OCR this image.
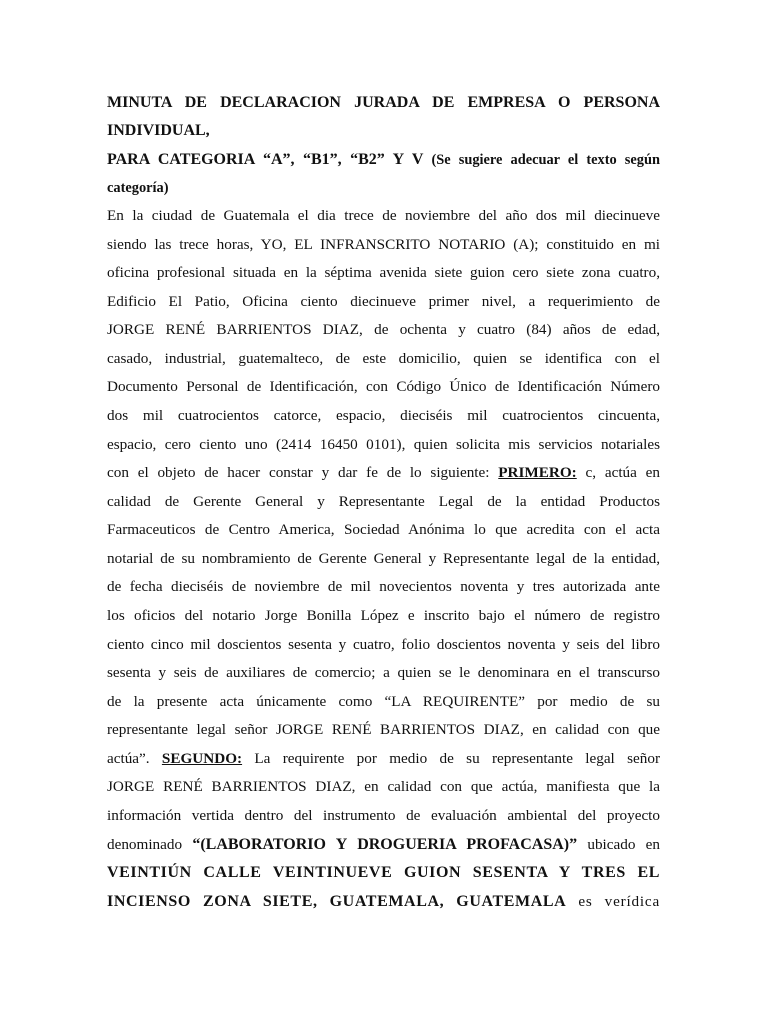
MINUTA DE DECLARACION JURADA DE EMPRESA O PERSONA
INDIVIDUAL,
PARA CATEGORIA “A”, “B1”, “B2” Y V (Se sugiere adecuar el texto según
categoría)
En la ciudad de Guatemala el dia trece de noviembre del año dos mil diecinueve
siendo las trece horas, YO, EL INFRANSCRITO NOTARIO (A); constituido en mi
oficina profesional situada en la séptima avenida siete guion cero siete zona cuatro,
Edificio El Patio, Oficina ciento diecinueve primer nivel, a requerimiento de
JORGE RENÉ BARRIENTOS DIAZ, de ochenta y cuatro (84) años de edad,
casado, industrial, guatemalteco, de este domicilio, quien se identifica con el
Documento Personal de Identificación, con Código Único de Identificación Número
dos mil cuatrocientos catorce, espacio, dieciséis mil cuatrocientos cincuenta,
espacio, cero ciento uno (2414 16450 0101), quien solicita mis servicios notariales
con el objeto de hacer constar y dar fe de lo siguiente: PRIMERO: c, actúa en
calidad de Gerente General y Representante Legal de la entidad Productos
Farmaceuticos de Centro America, Sociedad Anónima lo que acredita con el acta
notarial de su nombramiento de Gerente General y Representante legal de la entidad,
de fecha dieciséis de noviembre de mil novecientos noventa y tres autorizada ante
los oficios del notario Jorge Bonilla López e inscrito bajo el número de registro
ciento cinco mil doscientos sesenta y cuatro, folio doscientos noventa y seis del libro
sesenta y seis de auxiliares de comercio; a quien se le denominara en el transcurso
de la presente acta únicamente como “LA REQUIRENTE” por medio de su
representante legal señor JORGE RENÉ BARRIENTOS DIAZ, en calidad con que
actúa”. SEGUNDO: La requirente por medio de su representante legal señor
JORGE RENÉ BARRIENTOS DIAZ, en calidad con que actúa, manifiesta que la
información vertida dentro del instrumento de evaluación ambiental del proyecto
denominado “(LABORATORIO Y DROGUERIA PROFACASA)” ubicado en
VEINTIÚN CALLE VEINTINUEVE GUION SESENTA Y TRES EL
INCIENSO ZONA SIETE, GUATEMALA, GUATEMALA es verídica
